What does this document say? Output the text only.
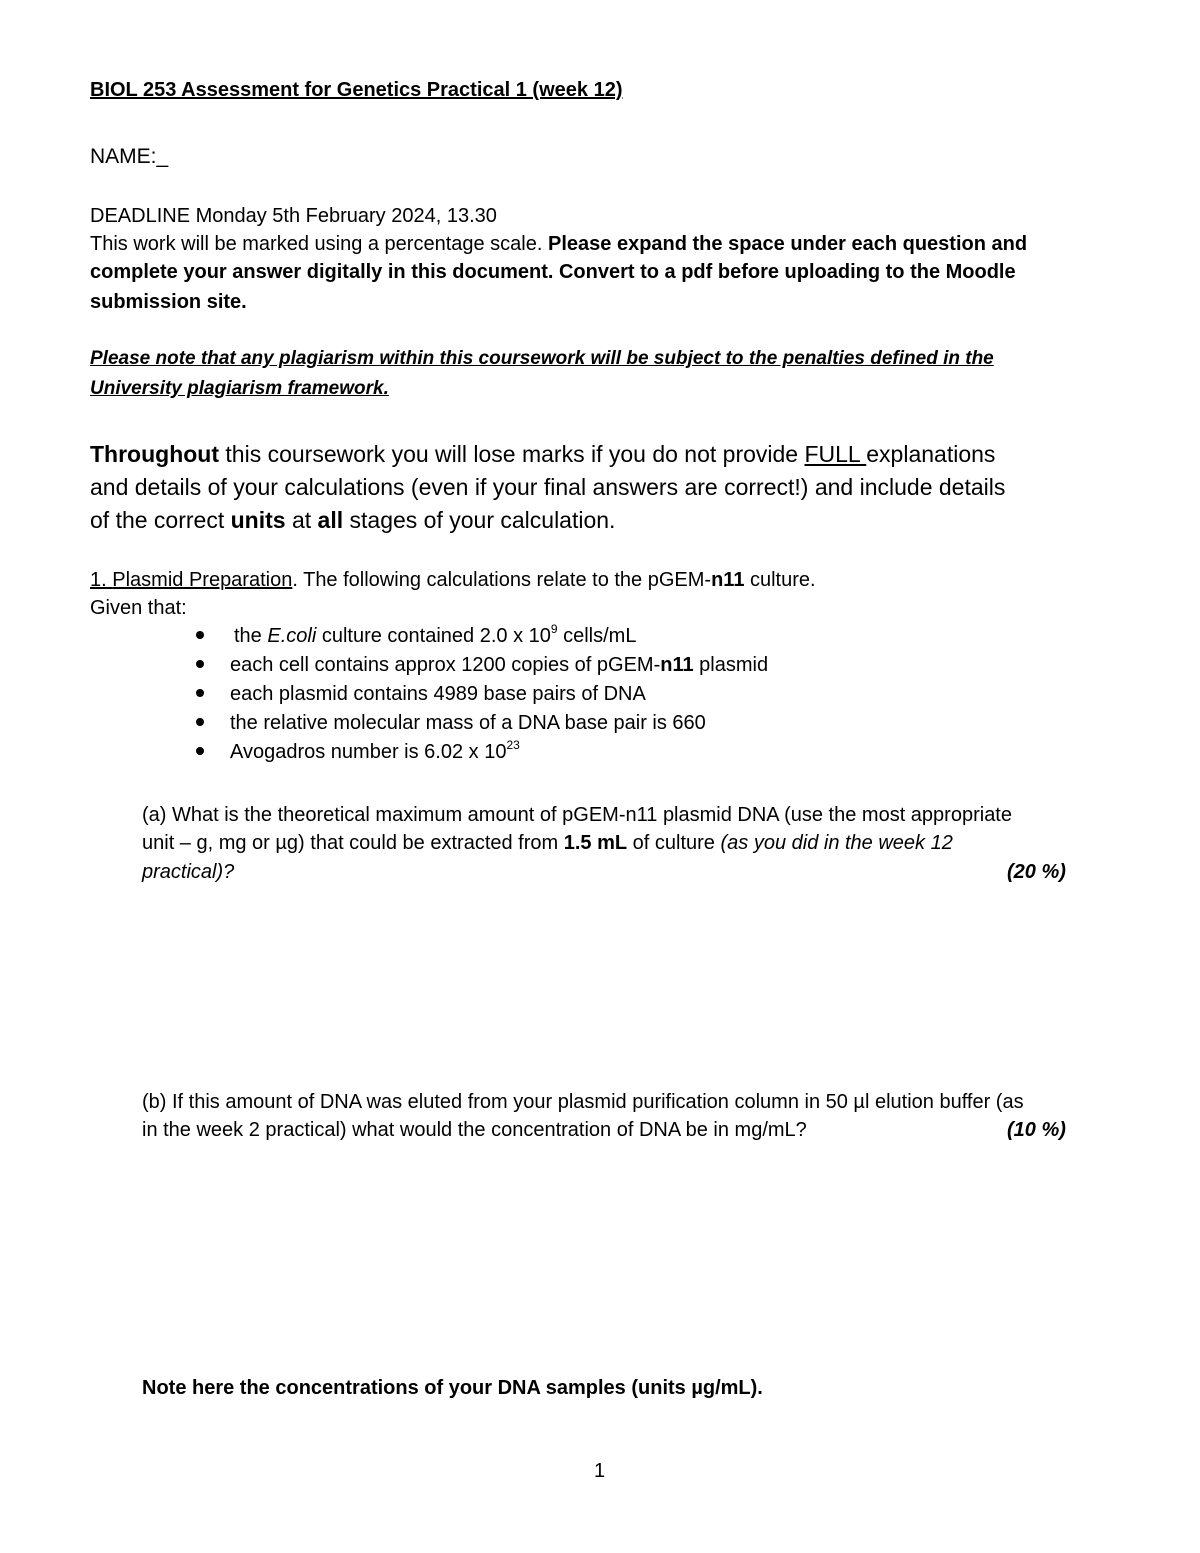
BIOL 253 Assessment for Genetics Practical 1 (week 12)
NAME:_
DEADLINE Monday 5th February 2024, 13.30
This work will be marked using a percentage scale. Please expand the space under each question and
complete your answer digitally in this document. Convert to a pdf before uploading to the Moodle
submission site.
Please note that any plagiarism within this coursework will be subject to the penalties defined in the
University plagiarism framework.
Throughout this coursework you will lose marks if you do not provide FULL explanations
and details of your calculations (even if your final answers are correct!) and include details
of the correct units at all stages of your calculation.
1. Plasmid Preparation. The following calculations relate to the pGEM-n11 culture.
Given that:
the E.coli culture contained 2.0 x $10^9$ cells/mL
each cell contains approx 1200 copies of pGEM-n11 plasmid
each plasmid contains 4989 base pairs of DNA
the relative molecular mass of a DNA base pair is 660
Avogadros number is 6.02 x $10^{23}$
(a) What is the theoretical maximum amount of pGEM-n11 plasmid DNA (use the most appropriate
unit – g, mg or µg) that could be extracted from 1.5 mL of culture (as you did in the week 12
practical)?	(20 %)
(b) If this amount of DNA was eluted from your plasmid purification column in 50 µl elution buffer (as
in the week 2 practical) what would the concentration of DNA be in mg/mL?	(10 %)
Note here the concentrations of your DNA samples (units µg/mL).
1
